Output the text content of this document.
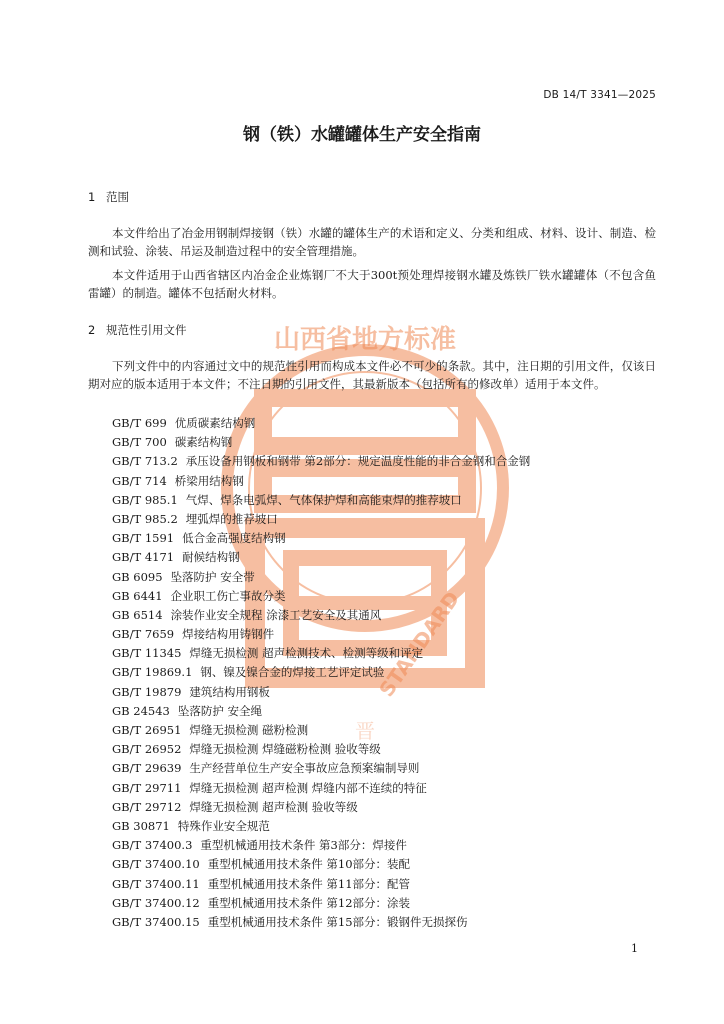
山西省地方标准
STANDARD
晋
DB 14/T 3341—2025
钢（铁）水罐罐体生产安全指南
1 范围
本文件给出了冶金用钢制焊接钢（铁）水罐的罐体生产的术语和定义、分类和组成、材料、设计、制造、检测和试验、涂装、吊运及制造过程中的安全管理措施。
本文件适用于山西省辖区内冶金企业炼钢厂不大于300t预处理焊接钢水罐及炼铁厂铁水罐罐体（不包含鱼雷罐）的制造。罐体不包括耐火材料。
2 规范性引用文件
下列文件中的内容通过文中的规范性引用而构成本文件必不可少的条款。其中，注日期的引用文件，仅该日期对应的版本适用于本文件；不注日期的引用文件，其最新版本（包括所有的修改单）适用于本文件。
GB/T 699 优质碳素结构钢
GB/T 700 碳素结构钢
GB/T 713.2 承压设备用钢板和钢带 第2部分：规定温度性能的非合金钢和合金钢
GB/T 714 桥梁用结构钢
GB/T 985.1 气焊、焊条电弧焊、气体保护焊和高能束焊的推荐坡口
GB/T 985.2 埋弧焊的推荐坡口
GB/T 1591 低合金高强度结构钢
GB/T 4171 耐候结构钢
GB 6095 坠落防护 安全带
GB 6441 企业职工伤亡事故分类
GB 6514 涂装作业安全规程 涂漆工艺安全及其通风
GB/T 7659 焊接结构用铸钢件
GB/T 11345 焊缝无损检测 超声检测技术、检测等级和评定
GB/T 19869.1 钢、镍及镍合金的焊接工艺评定试验
GB/T 19879 建筑结构用钢板
GB 24543 坠落防护 安全绳
GB/T 26951 焊缝无损检测 磁粉检测
GB/T 26952 焊缝无损检测 焊缝磁粉检测 验收等级
GB/T 29639 生产经营单位生产安全事故应急预案编制导则
GB/T 29711 焊缝无损检测 超声检测 焊缝内部不连续的特征
GB/T 29712 焊缝无损检测 超声检测 验收等级
GB 30871 特殊作业安全规范
GB/T 37400.3 重型机械通用技术条件 第3部分：焊接件
GB/T 37400.10 重型机械通用技术条件 第10部分：装配
GB/T 37400.11 重型机械通用技术条件 第11部分：配管
GB/T 37400.12 重型机械通用技术条件 第12部分：涂装
GB/T 37400.15 重型机械通用技术条件 第15部分：锻钢件无损探伤
1
